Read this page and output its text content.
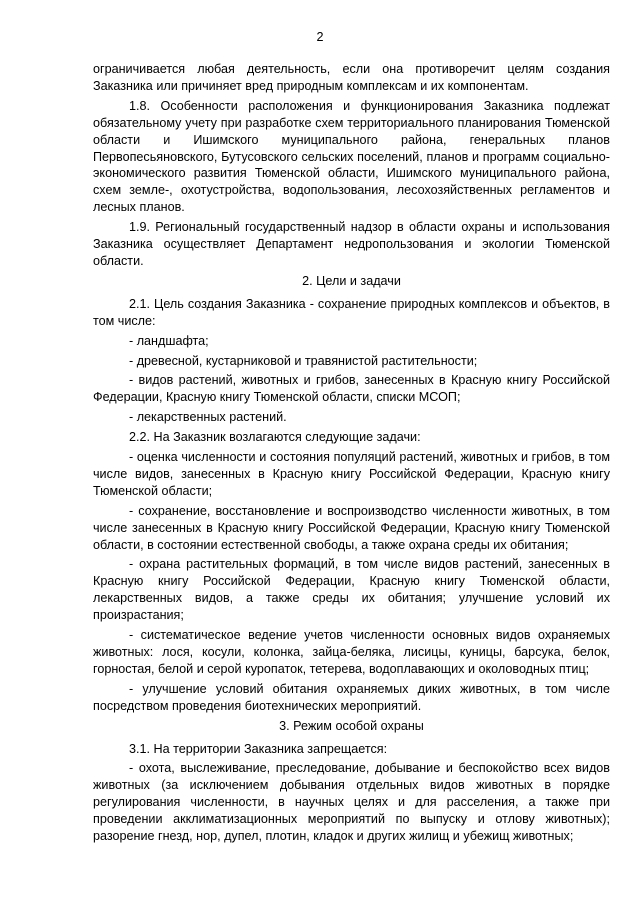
2

ограничивается любая деятельность, если она противоречит целям создания Заказника или причиняет вред природным комплексам и их компонентам.

1.8. Особенности расположения и функционирования Заказника подлежат обязательному учету при разработке схем территориального планирования Тюменской области и Ишимского муниципального района, генеральных планов Первопесьяновского, Бутусовского сельских поселений, планов и программ социально-экономического развития Тюменской области, Ишимского муниципального района, схем земле-, охотустройства, водопользования, лесохозяйственных регламентов и лесных планов.

1.9. Региональный государственный надзор в области охраны и использования Заказника осуществляет Департамент недропользования и экологии Тюменской области.

2. Цели и задачи

2.1. Цель создания Заказника - сохранение природных комплексов и объектов, в том числе:

- ландшафта;

- древесной, кустарниковой и травянистой растительности;

- видов растений, животных и грибов, занесенных в Красную книгу Российской Федерации, Красную книгу Тюменской области, списки МСОП;

- лекарственных растений.

2.2. На Заказник возлагаются следующие задачи:

- оценка численности и состояния популяций растений, животных и грибов, в том числе видов, занесенных в Красную книгу Российской Федерации, Красную книгу Тюменской области;

- сохранение, восстановление и воспроизводство численности животных, в том числе занесенных в Красную книгу Российской Федерации, Красную книгу Тюменской области, в состоянии естественной свободы, а также охрана среды их обитания;

- охрана растительных формаций, в том числе видов растений, занесенных в Красную книгу Российской Федерации, Красную книгу Тюменской области, лекарственных видов, а также среды их обитания; улучшение условий их произрастания;

- систематическое ведение учетов численности основных видов охраняемых животных: лося, косули, колонка, зайца-беляка, лисицы, куницы, барсука, белок, горностая, белой и серой куропаток, тетерева, водоплавающих и околоводных птиц;

- улучшение условий обитания охраняемых диких животных, в том числе посредством проведения биотехнических мероприятий.

3. Режим особой охраны

3.1. На территории Заказника запрещается:

- охота, выслеживание, преследование, добывание и беспокойство всех видов животных (за исключением добывания отдельных видов животных в порядке регулирования численности, в научных целях и для расселения, а также при проведении акклиматизационных мероприятий по выпуску и отлову животных); разорение гнезд, нор, дупел, плотин, кладок и других жилищ и убежищ животных;
